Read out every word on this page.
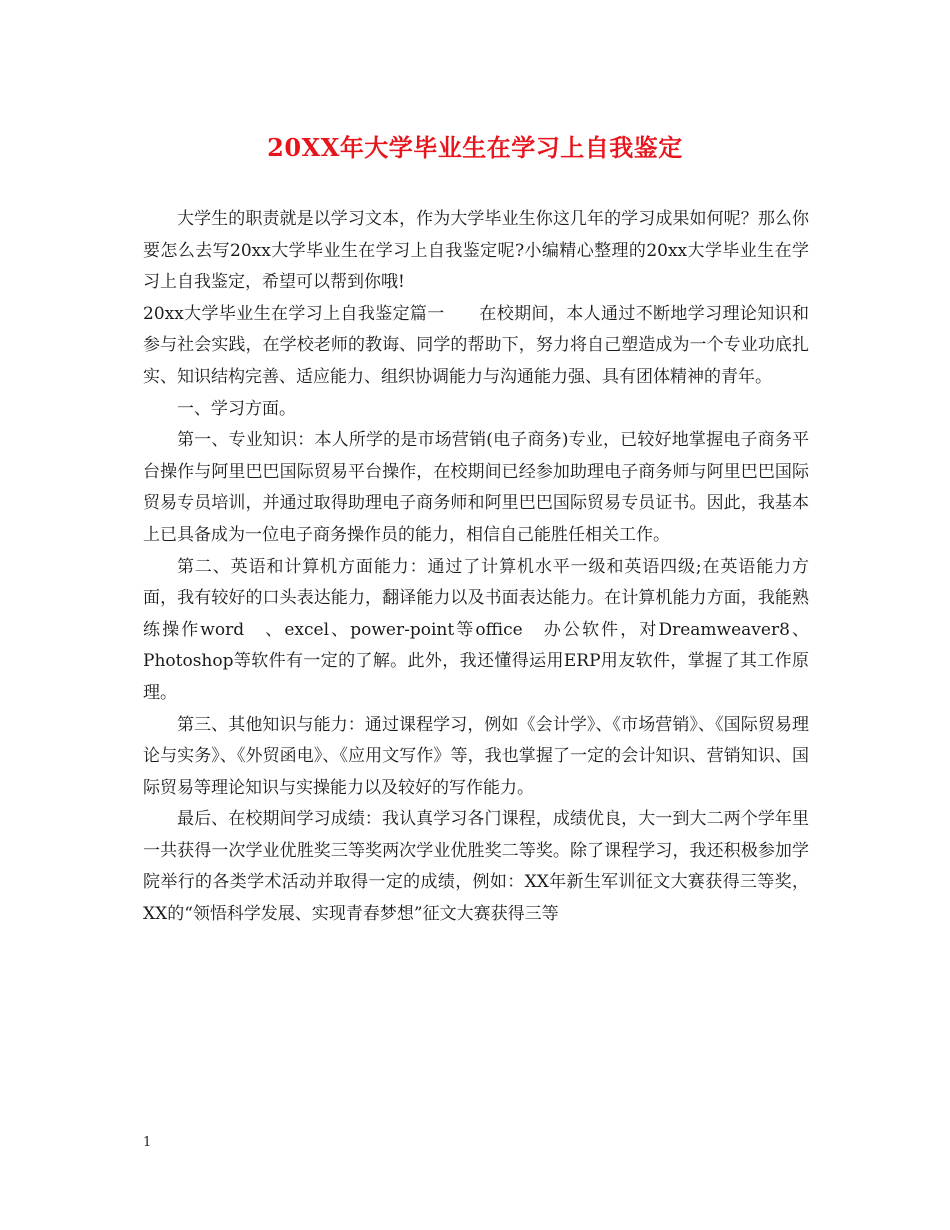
20XX年大学毕业生在学习上自我鉴定

大学生的职责就是以学习文本，作为大学毕业生你这几年的学习成果如何呢？那么你要怎么去写20xx大学毕业生在学习上自我鉴定呢?小编精心整理的20xx大学毕业生在学习上自我鉴定，希望可以帮到你哦!

20xx大学毕业生在学习上自我鉴定篇一　　在校期间，本人通过不断地学习理论知识和参与社会实践，在学校老师的教诲、同学的帮助下，努力将自己塑造成为一个专业功底扎实、知识结构完善、适应能力、组织协调能力与沟通能力强、具有团体精神的青年。

一、学习方面。

第一、专业知识：本人所学的是市场营销(电子商务)专业，已较好地掌握电子商务平台操作与阿里巴巴国际贸易平台操作，在校期间已经参加助理电子商务师与阿里巴巴国际贸易专员培训，并通过取得助理电子商务师和阿里巴巴国际贸易专员证书。因此，我基本上已具备成为一位电子商务操作员的能力，相信自己能胜任相关工作。

第二、英语和计算机方面能力：通过了计算机水平一级和英语四级;在英语能力方面，我有较好的口头表达能力，翻译能力以及书面表达能力。在计算机能力方面，我能熟练操作word　、excel、power-point等office　办公软件，对Dreamweaver8、Photoshop等软件有一定的了解。此外，我还懂得运用ERP用友软件，掌握了其工作原理。

第三、其他知识与能力：通过课程学习，例如《会计学》、《市场营销》、《国际贸易理论与实务》、《外贸函电》、《应用文写作》等，我也掌握了一定的会计知识、营销知识、国际贸易等理论知识与实操能力以及较好的写作能力。

最后、在校期间学习成绩：我认真学习各门课程，成绩优良，大一到大二两个学年里一共获得一次学业优胜奖三等奖两次学业优胜奖二等奖。除了课程学习，我还积极参加学院举行的各类学术活动并取得一定的成绩，例如：XX年新生军训征文大赛获得三等奖，XX的“领悟科学发展、实现青春梦想”征文大赛获得三等

1
